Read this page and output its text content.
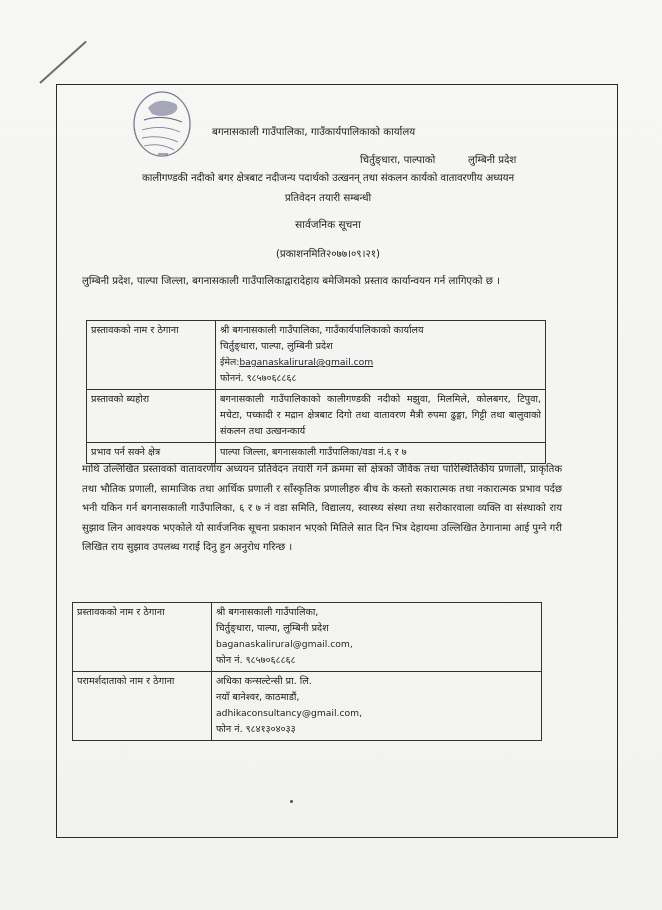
बगनासकाली गाउँपालिका, गाउँकार्यपालिकाको कार्यालय
चिर्तुङ्धारा, पाल्पाको	लुम्बिनी प्रदेश
कालीगण्डकी नदीको बगर क्षेत्रबाट नदीजन्य पदार्थको उत्खनन् तथा संकलन कार्यको वातावरणीय अध्ययन
प्रतिवेदन तयारी सम्बन्धी
सार्वजनिक सूचना
(प्रकाशनमिति२०७७।०९।२१)
लुम्बिनी प्रदेश, पाल्पा जिल्ला, बगनासकाली गाउँपालिकाद्वारादेहाय बमेजिमको प्रस्ताव कार्यान्वयन गर्न लागिएको छ ।
प्रस्तावकको नाम र ठेगाना	श्री बगनासकाली गाउँपालिका, गाउँकार्यपालिकाको कार्यालय
चिर्तुङ्धारा, पाल्पा, लुम्बिनी प्रदेश
ईमेल:baganaskalirural@gmail.com
फोननं. ९८५७०६८८६८

प्रस्तावको ब्यहोरा	बगनासकाली गाउँपालिकाको कालीगण्डकी नदीको मझुवा, मिलमिले, कोलबगर, टिपुवा, मचेटा, पच्कादी र मद्रान क्षेत्रबाट दिगो तथा वातावरण मैत्री रुपमा ढुङ्गा, गिट्टी तथा बालुवाको संकलन तथा उत्खनन्कार्य
प्रभाव पर्न सक्ने क्षेत्र	पाल्पा जिल्ला, बगनासकाली गाउँपालिका/वडा नं.६ र ७
माथि उल्लिखित प्रस्तावको वातावरणीय अध्ययन प्रतिवेदन तयारी गर्ने क्रममा सो क्षेत्रको जैविक तथा पारिस्थितिकीय प्रणाली, प्राकृतिक तथा भौतिक प्रणाली, सामाजिक तथा आर्थिक प्रणाली र साँस्कृतिक प्रणालीहरु बीच के कस्तो सकारात्मक तथा नकारात्मक प्रभाव पर्दछ भनी यकिन गर्न बगनासकाली गाउँपालिका, ६ र ७ नं वडा समिति, विद्यालय, स्वास्थ्य संस्था तथा सरोकारवाला व्यक्ति वा संस्थाको राय सुझाव लिन आवश्यक भएकोले यो सार्वजनिक सूचना प्रकाशन भएको मितिले सात दिन भित्र देहायमा उल्लिखित ठेगानामा आई पुग्ने गरी लिखित राय सुझाव उपलब्ध गराई दिनु हुन अनुरोध गरिन्छ ।
प्रस्तावकको नाम र ठेगाना	श्री बगनासकाली गाउँपालिका,
चिर्तुङ्धारा, पाल्पा, लुम्बिनी प्रदेश
baganaskalirural@gmail.com,
फोन नं. ९८५७०६८८६८

परामर्शदाताको नाम र ठेगाना	अधिका कन्सल्टेन्सी प्रा. लि.
नयाँ बानेश्वर, काठमाडौं,
adhikaconsultancy@gmail.com,
फोन नं. ९८४१३०४०३३
